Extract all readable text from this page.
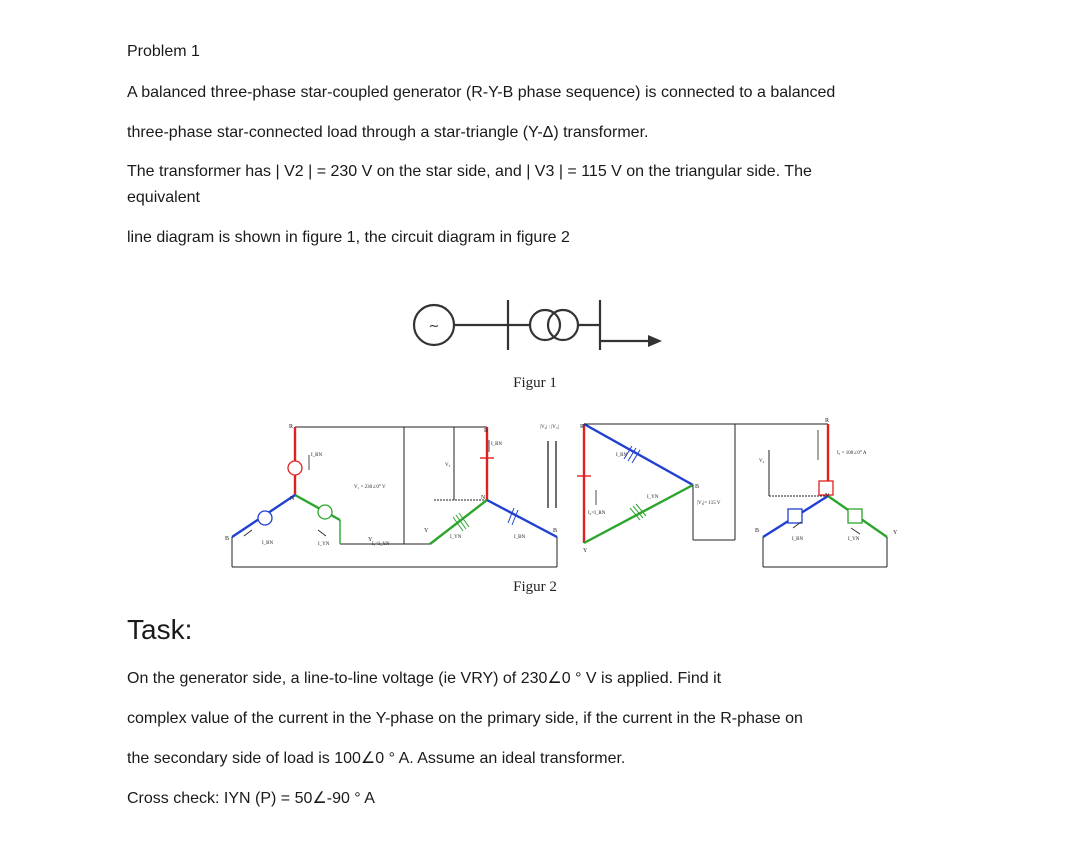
Problem 1
A balanced three-phase star-coupled generator (R-Y-B phase sequence) is connected to a balanced
three-phase star-connected load through a star-triangle (Y-Δ) transformer.
The transformer has | V2 | = 230 V on the star side, and | V3 | = 115 V on the triangular side. The
equivalent
line diagram is shown in figure 1, the circuit diagram in figure 2
~
Figur 1
R
N
B	Y
I_RN
I_YN
I_BN
V₁ = 230∠0° V
V₂
I₁=I_YN
R
N
Y	B
I_RN
I_YN	I_BN
|V₂| : |V₃|	R
Y
B
I_RN
I_YN
I₂=I_RN
|V₃|= 115 V
V₄
R
N
B	Y
I₃ = 100∠0° A
I_BN	I_YN
Figur 2
Task:
On the generator side, a line-to-line voltage (ie VRY) of 230∠0 ° V is applied. Find it
complex value of the current in the Y-phase on the primary side, if the current in the R-phase on
the secondary side of load is 100∠0 ° A. Assume an ideal transformer.
Cross check: IYN (P) = 50∠-90 ° A
